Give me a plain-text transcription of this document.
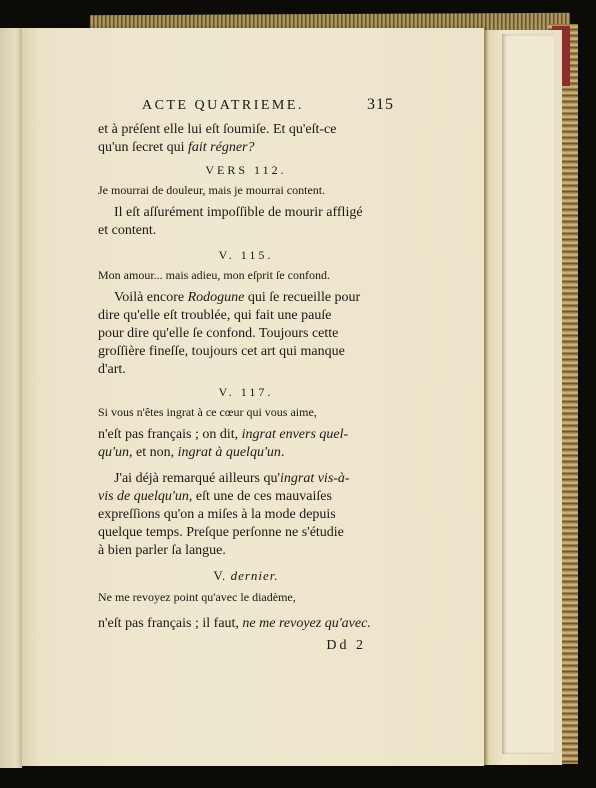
ACTE QUATRIEME.	315
et à préſent elle lui eſt ſoumiſe. Et qu'eſt-ce
qu'un ſecret qui fait régner?
VERS 112.
Je mourrai de douleur, mais je mourrai content.
Il eſt aſſurément impoſſible de mourir affligé
et content.
V. 115.
Mon amour... mais adieu, mon eſprit ſe confond.
Voilà encore Rodogune qui ſe recueille pour
dire qu'elle eſt troublée, qui fait une pauſe
pour dire qu'elle ſe confond. Toujours cette
groſſière fineſſe, toujours cet art qui manque
d'art.
V. 117.
Si vous n'êtes ingrat à ce cœur qui vous aime,
n'eſt pas français ; on dit, ingrat envers quel-
qu'un, et non, ingrat à quelqu'un.
J'ai déjà remarqué ailleurs qu'ingrat vis-à-
vis de quelqu'un, eſt une de ces mauvaiſes
expreſſions qu'on a miſes à la mode depuis
quelque temps. Preſque perſonne ne s'étudie
à bien parler ſa langue.
V. dernier.
Ne me revoyez point qu'avec le diadème,
n'eſt pas français ; il faut, ne me revoyez qu'avec.
Dd 2
